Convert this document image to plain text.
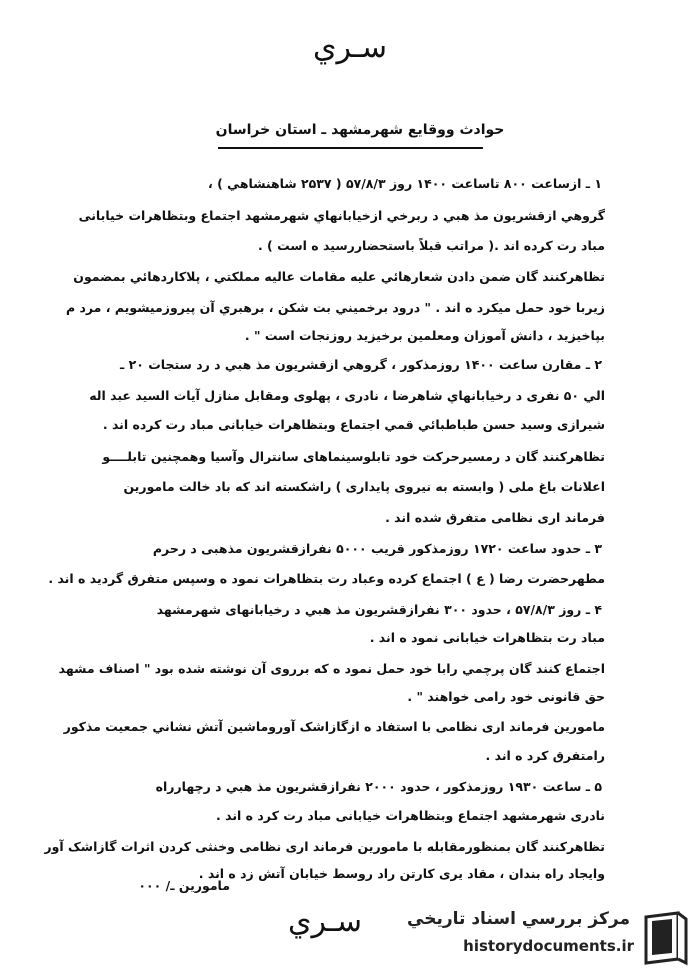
سـري
حوادث ووقايع شهرمشهد ـ استان خراسان
۱ ـ ازساعت ۸۰۰ تاساعت ۱۴۰۰ روز ۵۷/۸/۳ ( ۲۵۳۷ شاهنشاهي ) ،
گروهي ازقشريون مذ هبي د ربرخي ازخيابانهاي شهرمشهد اجتماع وبتظاهرات خيابانی
مباد رت کرده اند .( مراتب قبلاً باستحضاررسيد ه است ) .
تظاهرکنند گان ضمن دادن شعارهائي عليه مقامات عاليه مملکتي ، پلاکاردهائي بمضمون
زيربا خود حمل ميکرد ه اند . " درود برخميني بت شکن ، برهبري آن پيروزميشويم ، مرد م
بپاخيزيد ، دانش آموزان ومعلمين برخيزيد روزنجات است " .
۲ ـ مقارن ساعت ۱۴۰۰ روزمذکور ، گروهي ازقشريون مذ هبي د رد ستجات ۲۰ ـ
الي ۵۰ نفری د رخيابانهاي شاهرضا ، نادری ، پهلوی ومقابل منازل آيات السيد عبد اله
شيرازی وسيد حسن طباطبائي قمي اجتماع وبتظاهرات خيابانی مباد رت کرده اند .
تظاهرکنند گان د رمسيرحرکت خود تابلوسينماهای سانترال وآسيا وهمچنين تابلــــو
اعلانات باغ ملی ( وابسته به نيروی پايداری ) راشکسته اند که باد خالت مامورين
فرماند اری نظامی متفرق شده اند .
۳ ـ حدود ساعت ۱۷۲۰ روزمذکور قريب ۵۰۰۰ نفرازقشريون مذهبی د رحرم
مطهرحضرت رضا ( ع ) اجتماع کرده وعباد رت بتظاهرات نمود ه وسپس متفرق گرديد ه اند .
۴ ـ روز ۵۷/۸/۳ ، حدود ۳۰۰ نفرازقشريون مذ هبي د رخيابانهای شهرمشهد
مباد رت بتظاهرات خيابانی نمود ه اند .
اجتماع کنند گان پرچمي رابا خود حمل نمود ه که برروی آن نوشته شده بود " اصناف مشهد
حق قانونی خود رامی خواهند " .
مامورين فرماند اری نظامی با استفاد ه ازگازاشک آوروماشين آتش نشاني جمعيت مذکور
رامتفرق کرد ه اند .
۵ ـ ساعت ۱۹۳۰ روزمذکور ، حدود ۲۰۰۰ نفرازقشريون مذ هبي د رچهارراه
نادری شهرمشهد اجتماع وبتظاهرات خيابانی مباد رت کرد ه اند .
تظاهرکنند گان بمنظورمقابله با مامورين فرماند اری نظامی وخنثی کردن اثرات گازاشک آور
وايجاد راه بندان ، مقاد يری کارتن راد روسط خيابان آتش زد ه اند .
مامورين ـ/ ۰۰۰
سـري	مرکز بررسي اسناد تاريخي
historydocuments.ir
